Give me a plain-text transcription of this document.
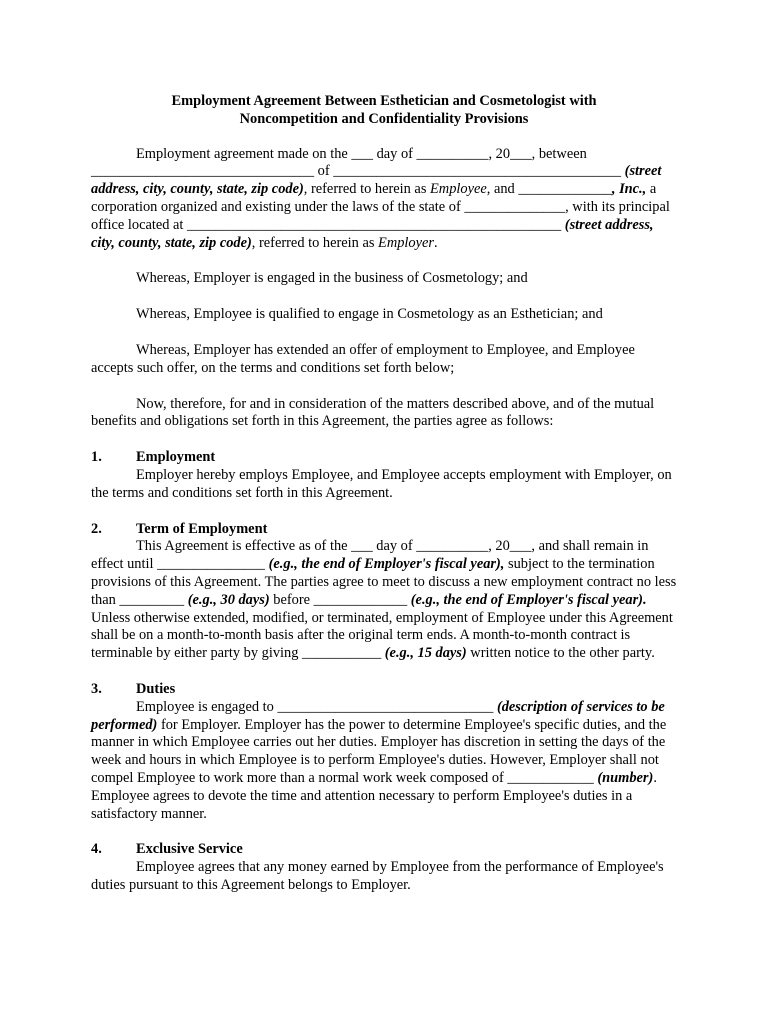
Employment Agreement Between Esthetician and Cosmetologist with

Noncompetition and Confidentiality Provisions

Employment agreement made on the ___ day of __________, 20___, between _______________________________ of ________________________________________ (street address, city, county, state, zip code), referred to herein as Employee, and _____________, Inc., a corporation organized and existing under the laws of the state of ______________, with its principal office located at ____________________________________________________ (street address, city, county, state, zip code), referred to herein as Employer.

Whereas, Employer is engaged in the business of Cosmetology; and

Whereas, Employee is qualified to engage in Cosmetology as an Esthetician; and

Whereas, Employer has extended an offer of employment to Employee, and Employee accepts such offer, on the terms and conditions set forth below;

Now, therefore, for and in consideration of the matters described above, and of the mutual benefits and obligations set forth in this Agreement, the parties agree as follows:

1. Employment

Employer hereby employs Employee, and Employee accepts employment with Employer, on the terms and conditions set forth in this Agreement.

2. Term of Employment

This Agreement is effective as of the ___ day of __________, 20___, and shall remain in effect until _______________ (e.g., the end of Employer's fiscal year), subject to the termination provisions of this Agreement. The parties agree to meet to discuss a new employment contract no less than _________ (e.g., 30 days) before _____________ (e.g., the end of Employer's fiscal year). Unless otherwise extended, modified, or terminated, employment of Employee under this Agreement shall be on a month-to-month basis after the original term ends. A month-to-month contract is terminable by either party by giving ___________ (e.g., 15 days) written notice to the other party.

3. Duties

Employee is engaged to ______________________________ (description of services to be performed) for Employer. Employer has the power to determine Employee's specific duties, and the manner in which Employee carries out her duties. Employer has discretion in setting the days of the week and hours in which Employee is to perform Employee's duties. However, Employer shall not compel Employee to work more than a normal work week composed of ____________ (number). Employee agrees to devote the time and attention necessary to perform Employee's duties in a satisfactory manner.

4. Exclusive Service

Employee agrees that any money earned by Employee from the performance of Employee's duties pursuant to this Agreement belongs to Employer.
